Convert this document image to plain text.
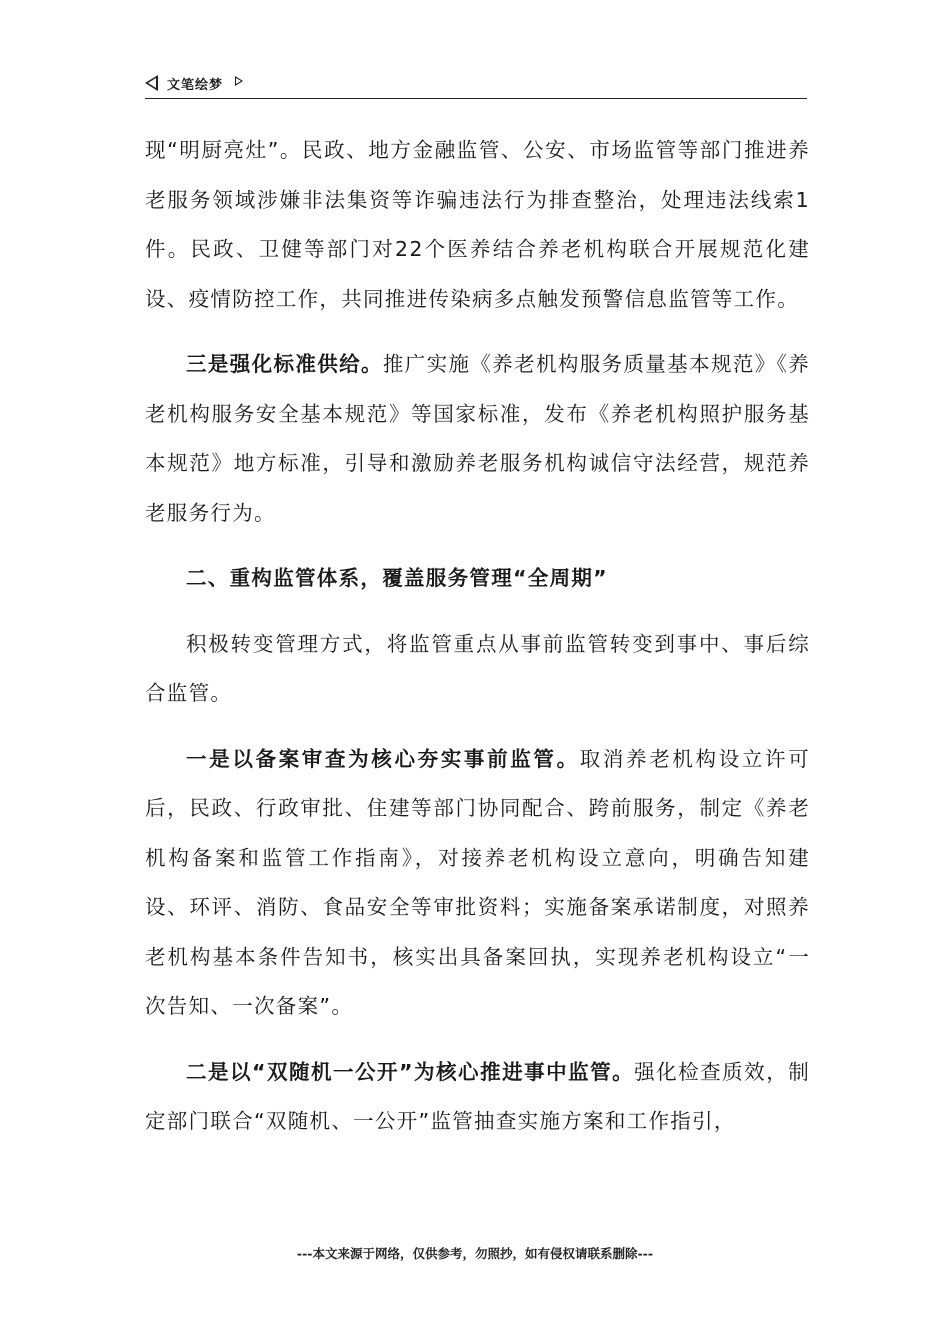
文笔绘梦

现“明厨亮灶”。民政、地方金融监管、公安、市场监管等部门推进养老服务领域涉嫌非法集资等诈骗违法行为排查整治，处理违法线索1件。民政、卫健等部门对22个医养结合养老机构联合开展规范化建设、疫情防控工作，共同推进传染病多点触发预警信息监管等工作。

三是强化标准供给。推广实施《养老机构服务质量基本规范》《养老机构服务安全基本规范》等国家标准，发布《养老机构照护服务基本规范》地方标准，引导和激励养老服务机构诚信守法经营，规范养老服务行为。

二、重构监管体系，覆盖服务管理“全周期”

积极转变管理方式，将监管重点从事前监管转变到事中、事后综合监管。

一是以备案审查为核心夯实事前监管。取消养老机构设立许可后，民政、行政审批、住建等部门协同配合、跨前服务，制定《养老机构备案和监管工作指南》，对接养老机构设立意向，明确告知建设、环评、消防、食品安全等审批资料；实施备案承诺制度，对照养老机构基本条件告知书，核实出具备案回执，实现养老机构设立“一次告知、一次备案”。

二是以“双随机一公开”为核心推进事中监管。强化检查质效，制定部门联合“双随机、一公开”监管抽查实施方案和工作指引，

---本文来源于网络，仅供参考，勿照抄，如有侵权请联系删除---
